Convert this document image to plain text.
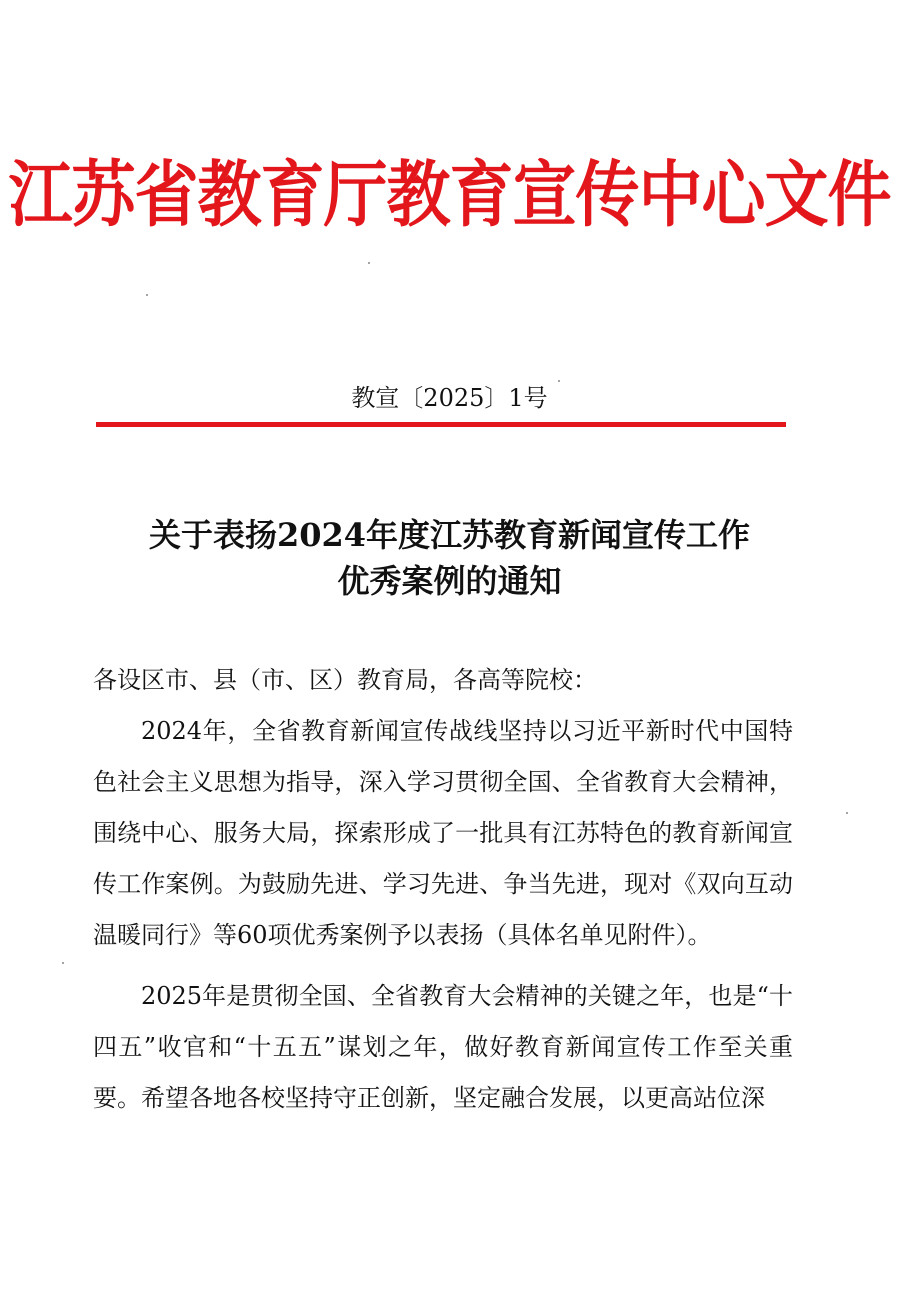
江苏省教育厅教育宣传中心文件
教宣〔2025〕1号
关于表扬2024年度江苏教育新闻宣传工作
优秀案例的通知

各设区市、县（市、区）教育局，各高等院校：

2024年，全省教育新闻宣传战线坚持以习近平新时代中国特色社会主义思想为指导，深入学习贯彻全国、全省教育大会精神，围绕中心、服务大局，探索形成了一批具有江苏特色的教育新闻宣传工作案例。为鼓励先进、学习先进、争当先进，现对《双向互动 温暖同行》等60项优秀案例予以表扬（具体名单见附件）。

2025年是贯彻全国、全省教育大会精神的关键之年，也是“十四五”收官和“十五五”谋划之年，做好教育新闻宣传工作至关重要。希望各地各校坚持守正创新，坚定融合发展，以更高站位深
